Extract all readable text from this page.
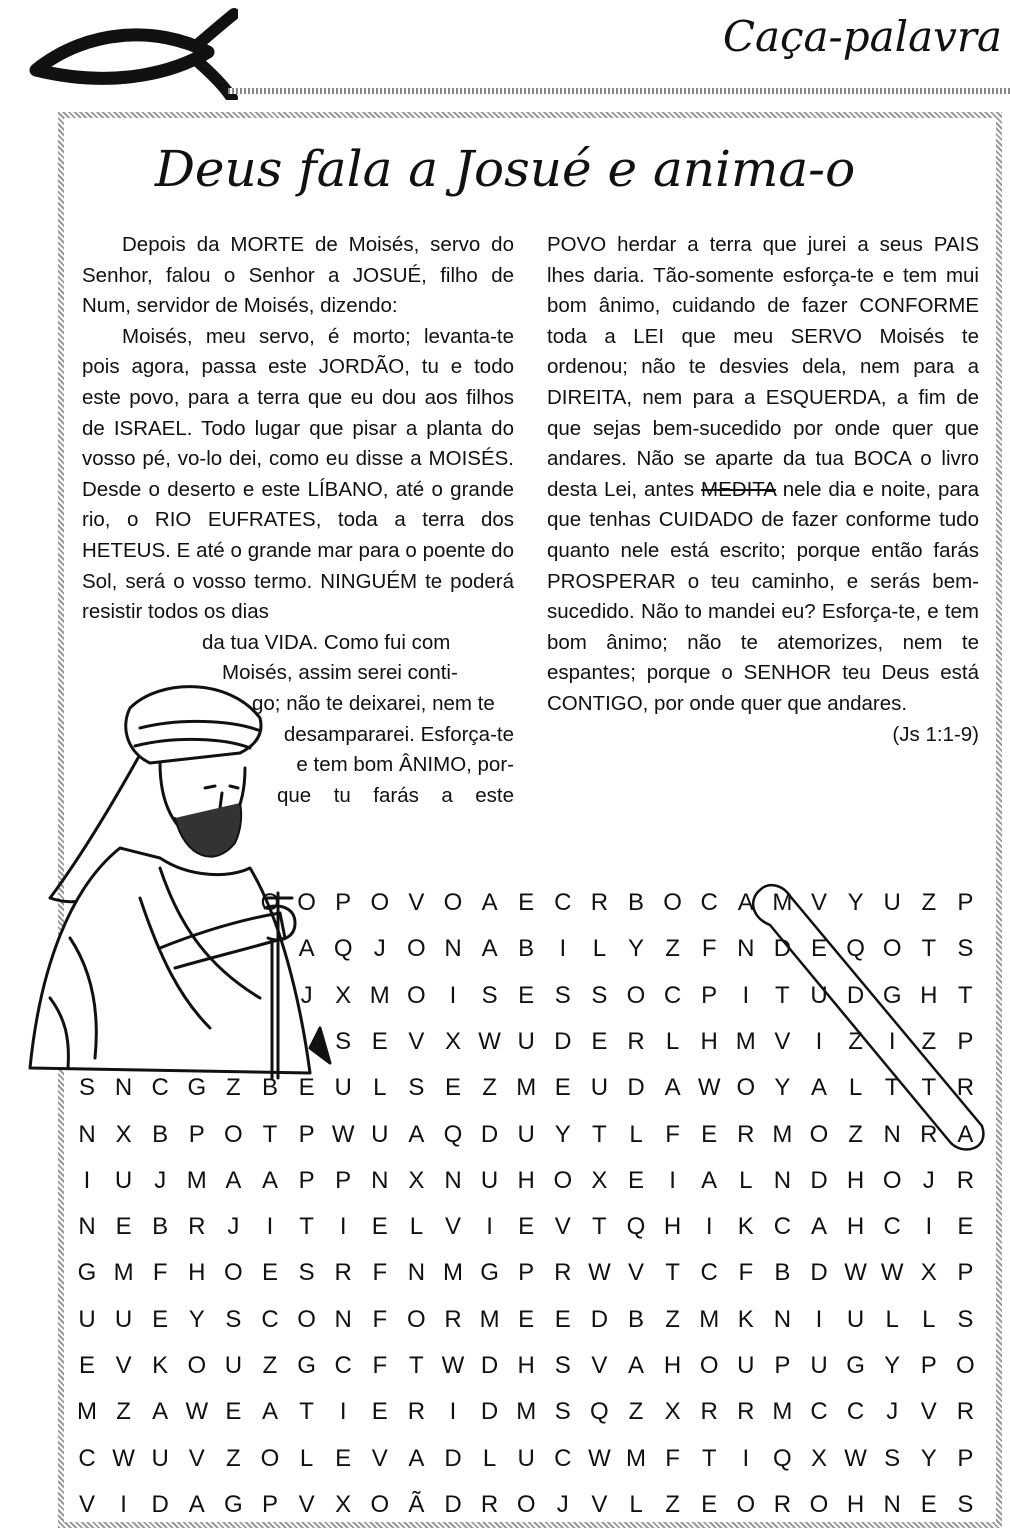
Caça-palavra
Deus fala a Josué e anima-o

Depois da MORTE de Moisés, servo do Senhor, falou o Senhor a JOSUÉ, filho de Num, servidor de Moisés, dizendo:

Moisés, meu servo, é morto; levanta-te pois agora, passa este JORDÃO, tu e todo este povo, para a terra que eu dou aos filhos de ISRAEL. Todo lugar que pisar a planta do vosso pé, vo-lo dei, como eu disse a MOISÉS. Desde o deserto e este LÍBANO, até o grande rio, o RIO EUFRATES, toda a terra dos HETEUS. E até o grande mar para o poente do Sol, será o vosso termo. NINGUÉM te poderá resistir todos os dias

da tua VIDA. Como fui com

Moisés, assim serei conti-

go; não te deixarei, nem te

desampararei. Esforça-te

e tem bom ÂNIMO, por-

que tu farás a este

POVO herdar a terra que jurei a seus PAIS lhes daria. Tão-somente esforça-te e tem mui bom ânimo, cuidando de fazer CONFORME toda a LEI que meu SERVO Moisés te ordenou; não te desvies dela, nem para a DIREITA, nem para a ESQUERDA, a fim de que sejas bem-sucedido por onde quer que andares. Não se aparte da tua BOCA o livro desta Lei, antes MEDITA nele dia e noite, para que tenhas CUIDADO de fazer conforme tudo quanto nele está escrito; porque então farás PROSPERAR o teu caminho, e serás bem-sucedido. Não to mandei eu? Esforça-te, e tem bom ânimo; não te atemorizes, nem te espantes; porque o SENHOR teu Deus está CONTIGO, por onde quer que andares.

(Js 1:1-9)

Q O P O V O A E C R B O C A M V Y U Z P
A Q J O N A B	I	L Y Z F N D E Q O T S
J X M O I	S E S S O C P	I	T U D G H T
S E V X W U D E R L H M V	I	Z	I	Z P
S N C G Z B E U L S E Z M E U D A W O Y A L T T R
N X B P O T P W U A Q D U Y T L F E R M O Z N R A
I	U J M A A P P N X N U H O X E	I	A L N D H O J R
N E B R J	I	T	I	E L V	I	E V T Q H	I	K C A H C	I	E
G M F H O E S R F N M G P R W V T C F B D W W X P
U U E Y S C O N F O R M E E D B Z M K N	I	U L L S
E V K O U Z G C F T W D H S V A H O U P U G Y P O
M Z A W E A T	I	E R	I	D M S Q Z X R R M C C J V R
C W U V Z O L E V A D L U C W M F T	I Q X W S Y P
V	I	D A G P V X O Ã D R O J V L Z E O R O H N E S
